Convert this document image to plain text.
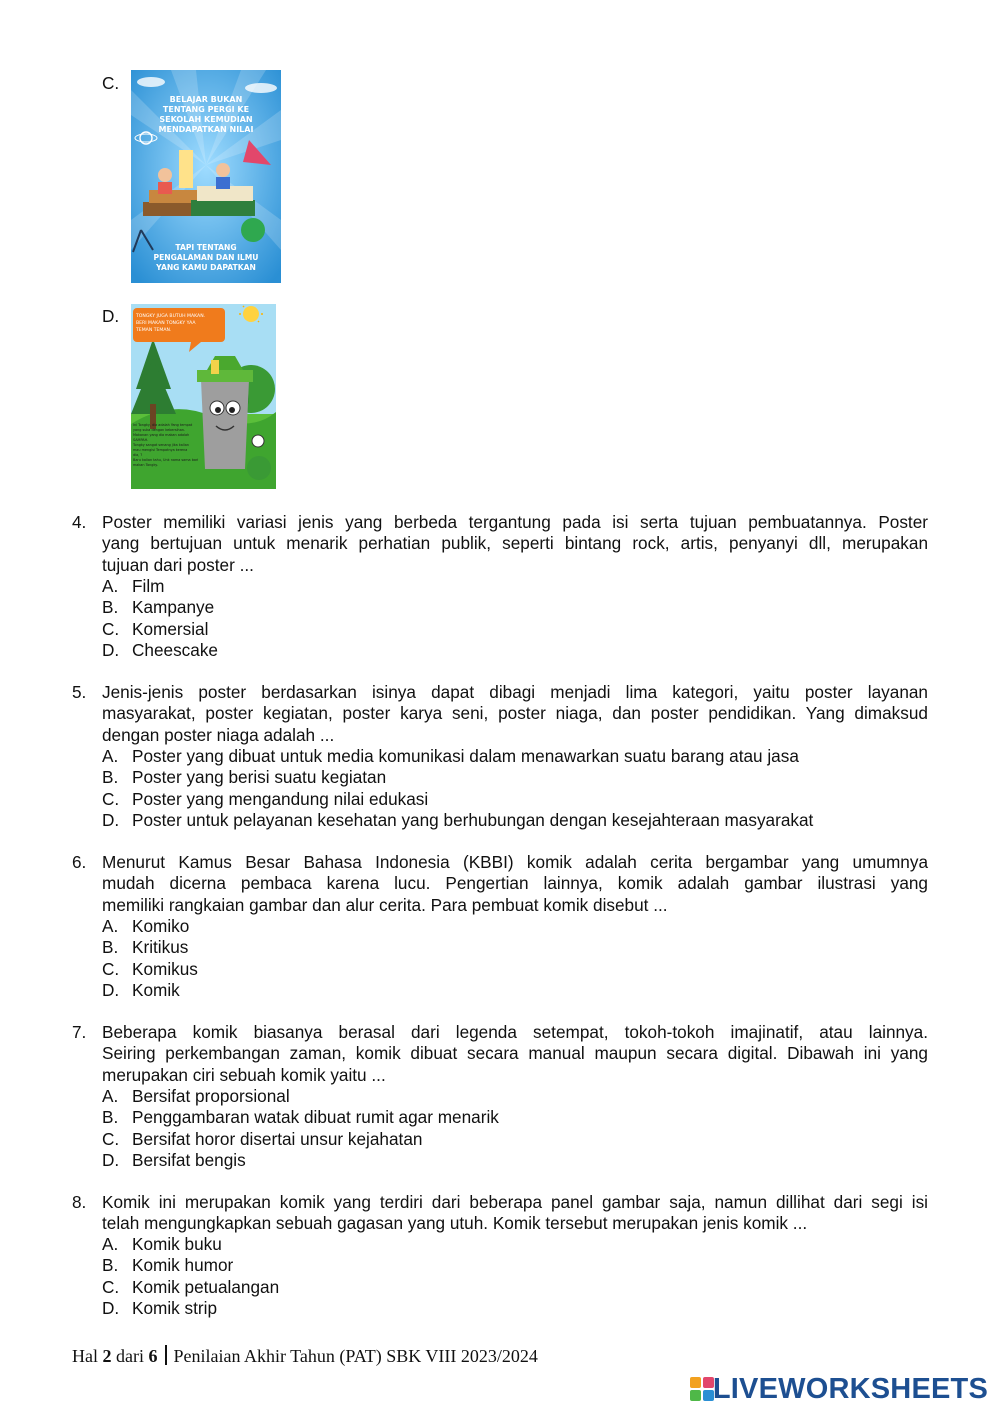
C.
BELAJAR BUKAN
TENTANG PERGI KE
SEKOLAH KEMUDIAN
MENDAPATKAN NILAI
TAPI TENTANG
PENGALAMAN DAN ILMU
YANG KAMU DAPATKAN
D.	TONGKY JUGA BUTUH MAKAN.
BERI MAKAN TONGKY YAA
TEMAN TEMAN.
Ini Tongky, dia adalah Yang tempat
yang suka dengan kebersihan.
Makanan yang dia makan adalah
SAMPAH.
Tongky sangat senang jika kalian
mau mengisi Tempatnya kerena
dia, ?
Baru kalian tahu, Unk nama sama bari
makan Tongky.
4. Poster memiliki variasi jenis yang berbeda tergantung pada isi serta tujuan pembuatannya. Poster
yang bertujuan untuk menarik perhatian publik, seperti bintang rock, artis, penyanyi dll, merupakan
tujuan dari poster ...
A. Film
B. Kampanye
C. Komersial
D. Cheescake
5. Jenis-jenis poster berdasarkan isinya dapat dibagi menjadi lima kategori, yaitu poster layanan
masyarakat, poster kegiatan, poster karya seni, poster niaga, dan poster pendidikan. Yang dimaksud
dengan poster niaga adalah ...
A. Poster yang dibuat untuk media komunikasi dalam menawarkan suatu barang atau jasa
B. Poster yang berisi suatu kegiatan
C. Poster yang mengandung nilai edukasi
D. Poster untuk pelayanan kesehatan yang berhubungan dengan kesejahteraan masyarakat
6. Menurut Kamus Besar Bahasa Indonesia (KBBI) komik adalah cerita bergambar yang umumnya
mudah dicerna pembaca karena lucu. Pengertian lainnya, komik adalah gambar ilustrasi yang
memiliki rangkaian gambar dan alur cerita. Para pembuat komik disebut ...
A. Komiko
B. Kritikus
C. Komikus
D. Komik
7. Beberapa komik biasanya berasal dari legenda setempat, tokoh-tokoh imajinatif, atau lainnya.
Seiring perkembangan zaman, komik dibuat secara manual maupun secara digital. Dibawah ini yang
merupakan ciri sebuah komik yaitu ...
A. Bersifat proporsional
B. Penggambaran watak dibuat rumit agar menarik
C. Bersifat horor disertai unsur kejahatan
D. Bersifat bengis
8. Komik ini merupakan komik yang terdiri dari beberapa panel gambar saja, namun dillihat dari segi isi
telah mengungkapkan sebuah gagasan yang utuh. Komik tersebut merupakan jenis komik ...
A. Komik buku
B. Komik humor
C. Komik petualangan
D. Komik strip
Hal 2 dari 6 Penilaian Akhir Tahun (PAT) SBK VIII 2023/2024
LIVEWORKSHEETS
